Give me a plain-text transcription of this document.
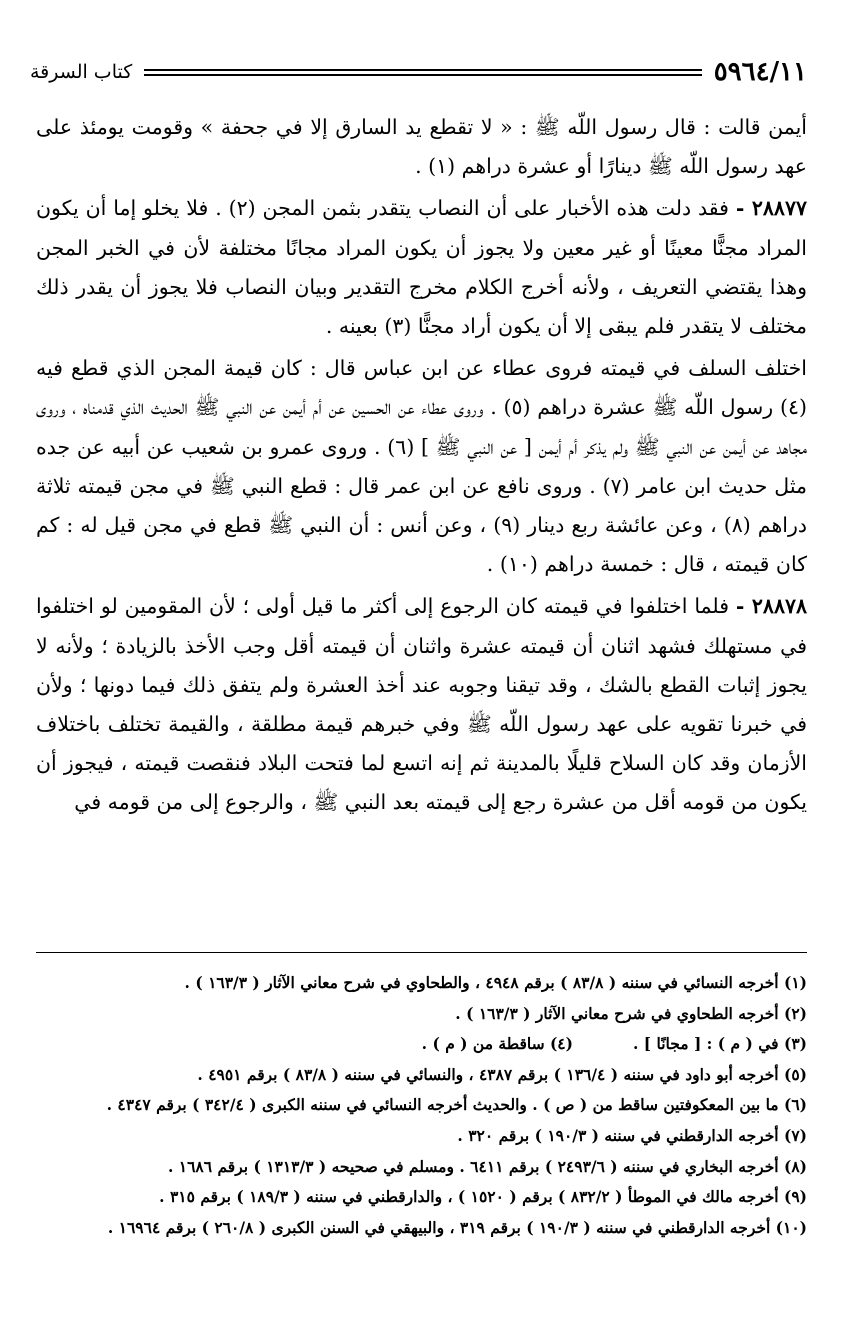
٥٩٦٤/١١
كتاب السرقة

أيمن قالت : قال رسول اللّه ﷺ : « لا تقطع يد السارق إلا في جحفة » وقومت يومئذ على عهد رسول اللّه ﷺ دينارًا أو عشرة دراهم (١) .

٢٨٨٧٧ - فقد دلت هذه الأخبار على أن النصاب يتقدر بثمن المجن (٢) . فلا يخلو إما أن يكون المراد مجنًّا معينًا أو غير معين ولا يجوز أن يكون المراد مجانًا مختلفة لأن في الخبر المجن وهذا يقتضي التعريف ، ولأنه أخرج الكلام مخرج التقدير وبيان النصاب فلا يجوز أن يقدر ذلك مختلف لا يتقدر فلم يبقى إلا أن يكون أراد مجنًّا (٣) بعينه .

اختلف السلف في قيمته فروى عطاء عن ابن عباس قال : كان قيمة المجن الذي قطع فيه (٤) رسول اللّه ﷺ عشرة دراهم (٥) . وروى عطاء عن الحسين عن أم أيمن عن النبي ﷺ الحديث الذي قدمناه ، وروى مجاهد عن أيمن عن النبي ﷺ ولم يذكر أم أيمن [ عن النبي ﷺ ] (٦) . وروى عمرو بن شعيب عن أبيه عن جده مثل حديث ابن عامر (٧) . وروى نافع عن ابن عمر قال : قطع النبي ﷺ في مجن قيمته ثلاثة دراهم (٨) ، وعن عائشة ربع دينار (٩) ، وعن أنس : أن النبي ﷺ قطع في مجن قيل له : كم كان قيمته ، قال : خمسة دراهم (١٠) .

٢٨٨٧٨ - فلما اختلفوا في قيمته كان الرجوع إلى أكثر ما قيل أولى ؛ لأن المقومين لو اختلفوا في مستهلك فشهد اثنان أن قيمته عشرة واثنان أن قيمته أقل وجب الأخذ بالزيادة ؛ ولأنه لا يجوز إثبات القطع بالشك ، وقد تيقنا وجوبه عند أخذ العشرة ولم يتفق ذلك فيما دونها ؛ ولأن في خبرنا تقويه على عهد رسول اللّه ﷺ وفي خبرهم قيمة مطلقة ، والقيمة تختلف باختلاف الأزمان وقد كان السلاح قليلًا بالمدينة ثم إنه اتسع لما فتحت البلاد فنقصت قيمته ، فيجوز أن يكون من قومه أقل من عشرة رجع إلى قيمته بعد النبي ﷺ ، والرجوع إلى من قومه في

(١) أخرجه النسائي في سننه ( ٨٣/٨ ) برقم ٤٩٤٨ ، والطحاوي في شرح معاني الآثار ( ١٦٣/٣ ) .
(٢) أخرجه الطحاوي في شرح معاني الآثار ( ١٦٣/٣ ) .
(٣) في ( م ) : [ مجانًا ] .
(٤) ساقطة من ( م ) .
(٥) أخرجه أبو داود في سننه ( ١٣٦/٤ ) برقم ٤٣٨٧ ، والنسائي في سننه ( ٨٣/٨ ) برقم ٤٩٥١ .
(٦) ما بين المعكوفتين ساقط من ( ص ) . والحديث أخرجه النسائي في سننه الكبرى ( ٣٤٢/٤ ) برقم ٤٣٤٧ .
(٧) أخرجه الدارقطني في سننه ( ١٩٠/٣ ) برقم ٣٢٠ .
(٨) أخرجه البخاري في سننه ( ٢٤٩٣/٦ ) برقم ٦٤١١ . ومسلم في صحيحه ( ١٣١٣/٣ ) برقم ١٦٨٦ .
(٩) أخرجه مالك في الموطأ ( ٨٣٢/٢ ) برقم ( ١٥٢٠ ) ، والدارقطني في سننه ( ١٨٩/٣ ) برقم ٣١٥ .
(١٠) أخرجه الدارقطني في سننه ( ١٩٠/٣ ) برقم ٣١٩ ، والبيهقي في السنن الكبرى ( ٢٦٠/٨ ) برقم ١٦٩٦٤ .
